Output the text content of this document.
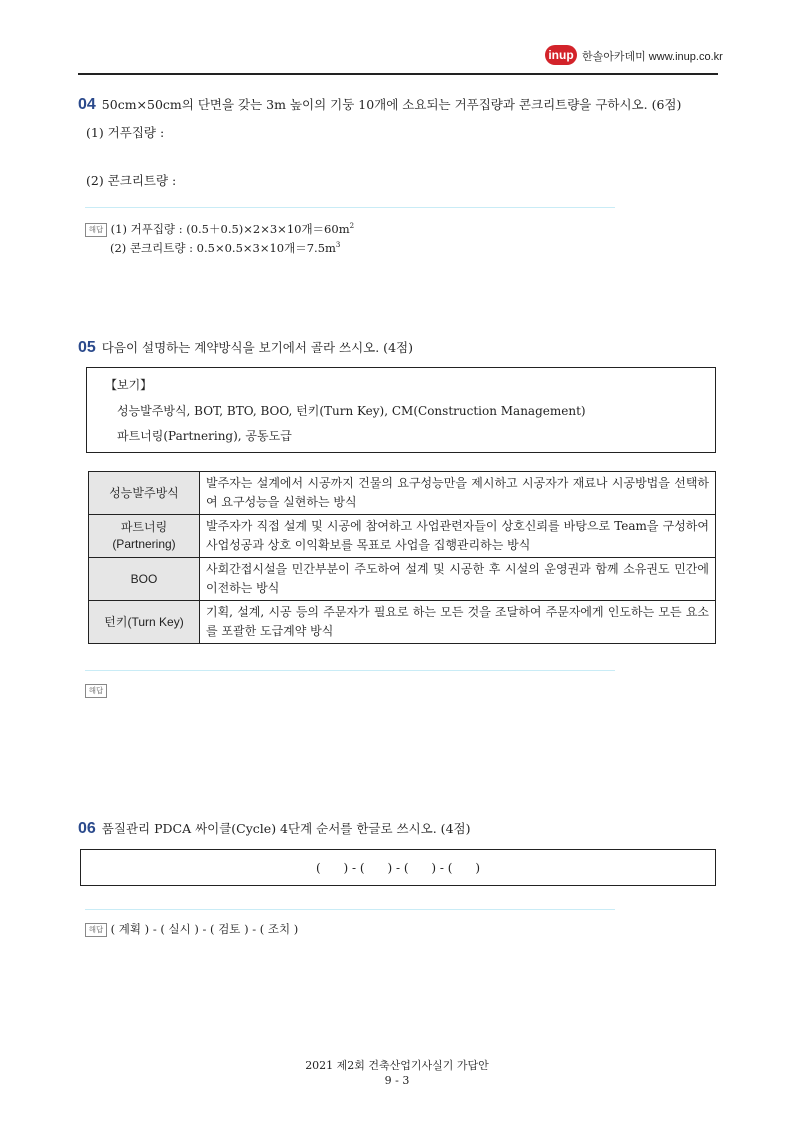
inup 한솔아카데미 www.inup.co.kr
04 50cm×50cm의 단면을 갖는 3m 높이의 기둥 10개에 소요되는 거푸집량과 콘크리트량을 구하시오. (6점)
(1) 거푸집량 :
(2) 콘크리트량 :
해답 (1) 거푸집량 : (0.5＋0.5)×2×3×10개$=60m^2$
(2) 콘크리트량 : 0.5×0.5×3×10개$=7.5m^3$
05 다음이 설명하는 계약방식을 보기에서 골라 쓰시오. (4점)
【보기】
성능발주방식, BOT, BTO, BOO, 턴키(Turn Key), CM(Construction Management)
파트너링(Partnering), 공동도급
성능발주방식	발주자는 설계에서 시공까지 건물의 요구성능만을 제시하고 시공자가 재료나 시공방법을 선택하여 요구성능을 실현하는 방식
파트너링 (Partnering)	발주자가 직접 설계 및 시공에 참여하고 사업관련자들이 상호신뢰를 바탕으로 Team을 구성하여 사업성공과 상호 이익확보를 목표로 사업을 집행관리하는 방식
BOO	사회간접시설을 민간부분이 주도하여 설계 및 시공한 후 시설의 운영권과 함께 소유권도 민간에 이전하는 방식
턴키(Turn Key)	기획, 설계, 시공 등의 주문자가 필요로 하는 모든 것을 조달하여 주문자에게 인도하는 모든 요소를 포괄한 도급계약 방식
해답
06 품질관리 PDCA 싸이클(Cycle) 4단계 순서를 한글로 쓰시오. (4점)
(      ) - (      ) - (      ) - (      )
해답 ( 계획 ) - ( 실시 ) - ( 검토 ) - ( 조치 )
2021 제2회 건축산업기사실기 가답안
9 - 3
